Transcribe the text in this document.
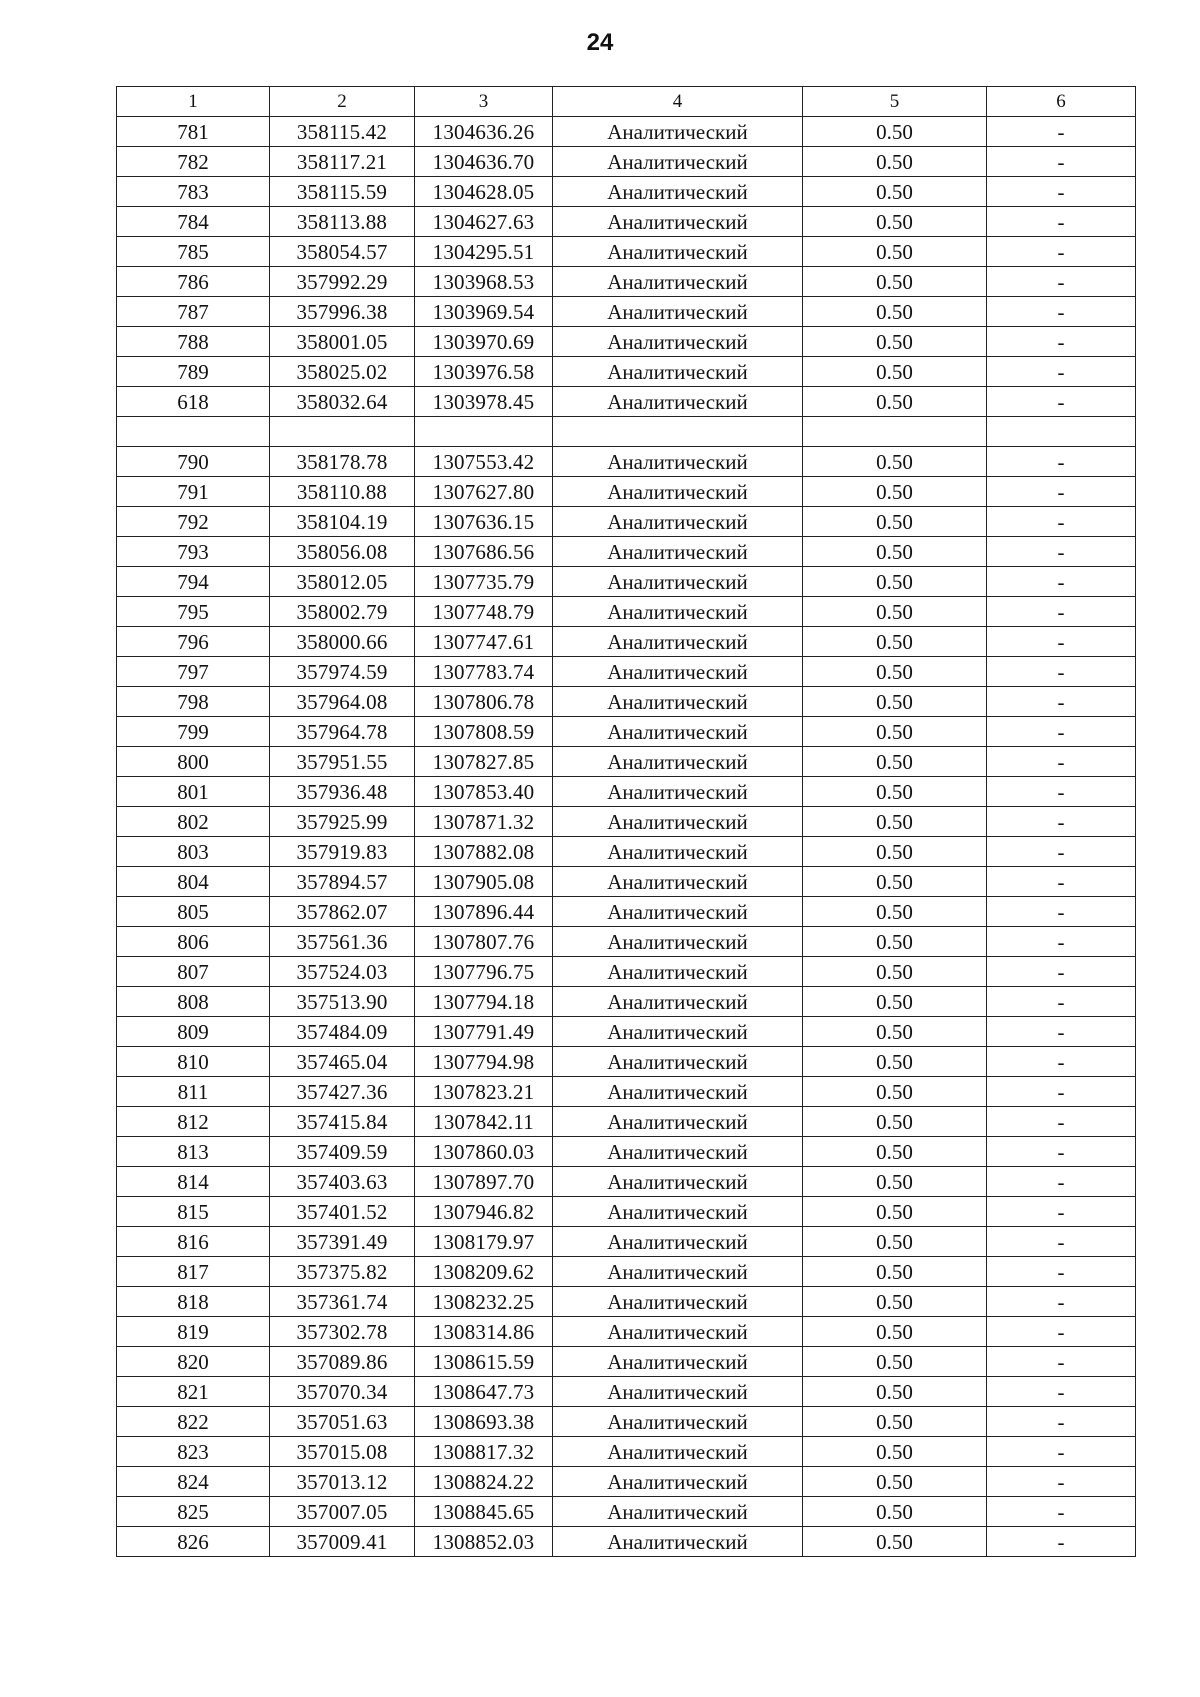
24
1	2	3	4	5	6
781	358115.42	1304636.26	Аналитический	0.50	-
782	358117.21	1304636.70	Аналитический	0.50	-
783	358115.59	1304628.05	Аналитический	0.50	-
784	358113.88	1304627.63	Аналитический	0.50	-
785	358054.57	1304295.51	Аналитический	0.50	-
786	357992.29	1303968.53	Аналитический	0.50	-
787	357996.38	1303969.54	Аналитический	0.50	-
788	358001.05	1303970.69	Аналитический	0.50	-
789	358025.02	1303976.58	Аналитический	0.50	-
618	358032.64	1303978.45	Аналитический	0.50	-

790	358178.78	1307553.42	Аналитический	0.50	-
791	358110.88	1307627.80	Аналитический	0.50	-
792	358104.19	1307636.15	Аналитический	0.50	-
793	358056.08	1307686.56	Аналитический	0.50	-
794	358012.05	1307735.79	Аналитический	0.50	-
795	358002.79	1307748.79	Аналитический	0.50	-
796	358000.66	1307747.61	Аналитический	0.50	-
797	357974.59	1307783.74	Аналитический	0.50	-
798	357964.08	1307806.78	Аналитический	0.50	-
799	357964.78	1307808.59	Аналитический	0.50	-
800	357951.55	1307827.85	Аналитический	0.50	-
801	357936.48	1307853.40	Аналитический	0.50	-
802	357925.99	1307871.32	Аналитический	0.50	-
803	357919.83	1307882.08	Аналитический	0.50	-
804	357894.57	1307905.08	Аналитический	0.50	-
805	357862.07	1307896.44	Аналитический	0.50	-
806	357561.36	1307807.76	Аналитический	0.50	-
807	357524.03	1307796.75	Аналитический	0.50	-
808	357513.90	1307794.18	Аналитический	0.50	-
809	357484.09	1307791.49	Аналитический	0.50	-
810	357465.04	1307794.98	Аналитический	0.50	-
811	357427.36	1307823.21	Аналитический	0.50	-
812	357415.84	1307842.11	Аналитический	0.50	-
813	357409.59	1307860.03	Аналитический	0.50	-
814	357403.63	1307897.70	Аналитический	0.50	-
815	357401.52	1307946.82	Аналитический	0.50	-
816	357391.49	1308179.97	Аналитический	0.50	-
817	357375.82	1308209.62	Аналитический	0.50	-
818	357361.74	1308232.25	Аналитический	0.50	-
819	357302.78	1308314.86	Аналитический	0.50	-
820	357089.86	1308615.59	Аналитический	0.50	-
821	357070.34	1308647.73	Аналитический	0.50	-
822	357051.63	1308693.38	Аналитический	0.50	-
823	357015.08	1308817.32	Аналитический	0.50	-
824	357013.12	1308824.22	Аналитический	0.50	-
825	357007.05	1308845.65	Аналитический	0.50	-
826	357009.41	1308852.03	Аналитический	0.50	-
